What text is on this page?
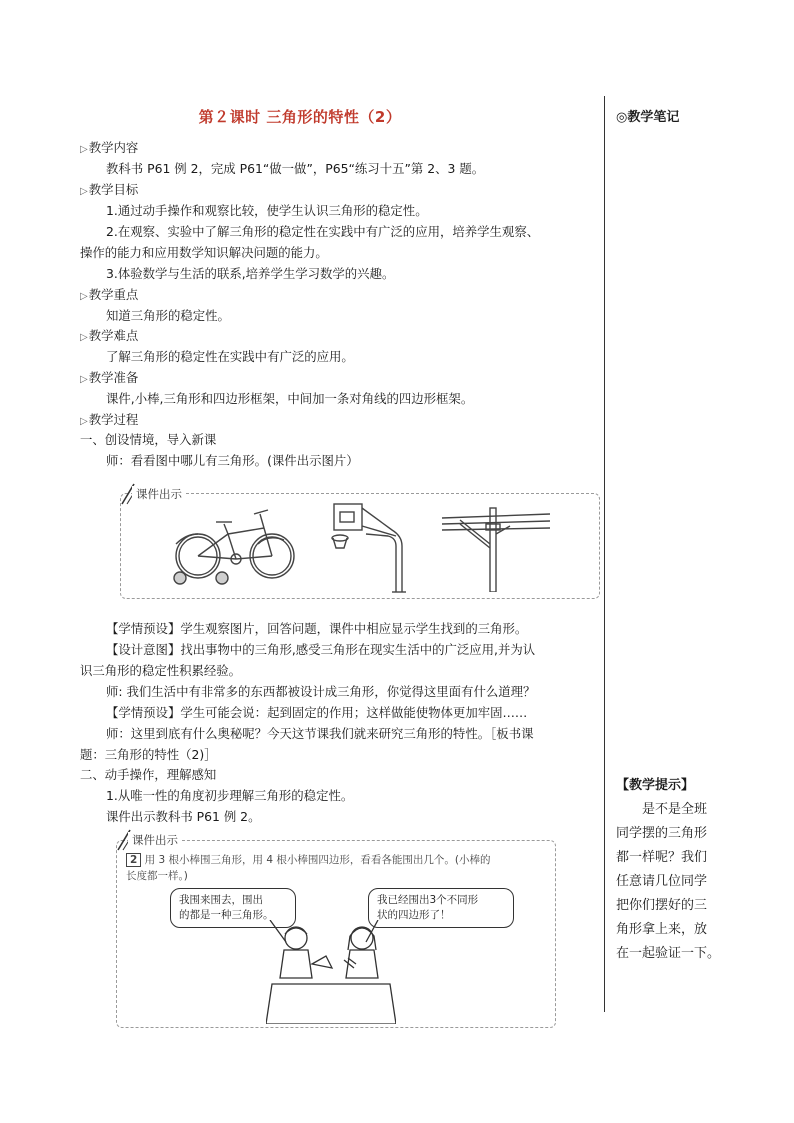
第２课时 三角形的特性（2）	◎教学笔记
▷教学内容
教科书 P61 例 2，完成 P61“做一做”，P65“练习十五”第 2、3 题。
▷教学目标
1.通过动手操作和观察比较，使学生认识三角形的稳定性。
2.在观察、实验中了解三角形的稳定性在实践中有广泛的应用，培养学生观察、
操作的能力和应用数学知识解决问题的能力。
3.体验数学与生活的联系,培养学生学习数学的兴趣。
▷教学重点
知道三角形的稳定性。
▷教学难点
了解三角形的稳定性在实践中有广泛的应用。
▷教学准备
课件,小棒,三角形和四边形框架，中间加一条对角线的四边形框架。
▷教学过程
一、创设情境，导入新课
师：看看图中哪儿有三角形。(课件出示图片）
课件出示
【学情预设】学生观察图片，回答问题，课件中相应显示学生找到的三角形。
【设计意图】找出事物中的三角形,感受三角形在现实生活中的广泛应用,并为认
识三角形的稳定性积累经验。
师: 我们生活中有非常多的东西都被设计成三角形，你觉得这里面有什么道理？
【学情预设】学生可能会说：起到固定的作用；这样做能使物体更加牢固……
师：这里到底有什么奥秘呢？今天这节课我们就来研究三角形的特性。［板书课
题：三角形的特性（2)］
二、动手操作，理解感知
1.从唯一性的角度初步理解三角形的稳定性。
课件出示教科书 P61 例 2。
课件出示
2 用 3 根小棒围三角形，用 4 根小棒围四边形，看看各能围出几个。(小棒的
长度都一样。)
我围来围去，围出
的都是一种三角形。
我已经围出3个不同形
状的四边形了！
【教学提示】
是不是全班
同学摆的三角形
都一样呢？我们
任意请几位同学
把你们摆好的三
角形拿上来，放
在一起验证一下。
